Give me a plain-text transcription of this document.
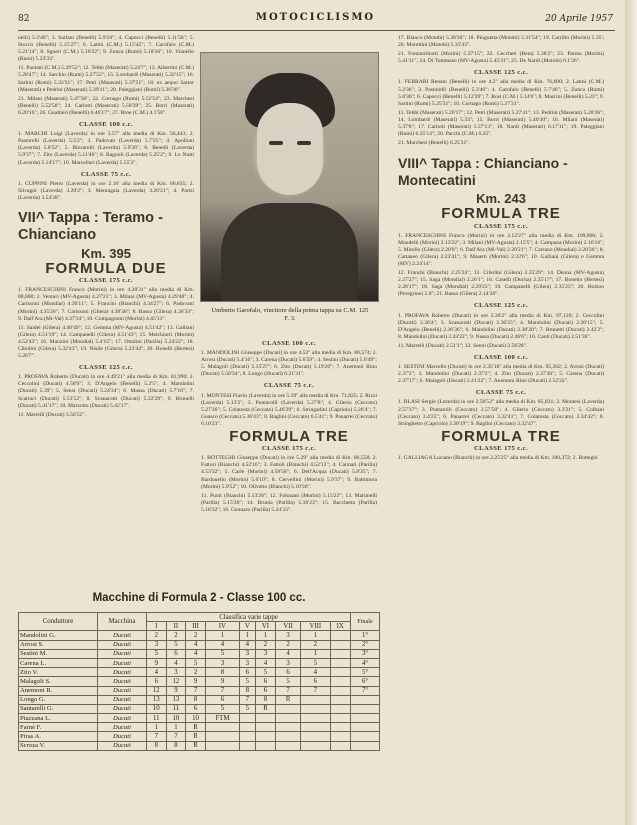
82	MOTOCICLISMO	20 Aprile 1957

nelli) 5.3'46"; 3. Sarlani (Benelli) 5.9'16"; 4. Capocci (Benelli) 5.11'58"; 5. Stocco (Benelli) 5.15'27"; 6. Latini (C.M.) 5.15'45"; 7. Garofalo (C.M.) 5.21'14"; 8. Sgueri (C.M.) 5.16'22"; 9. Zonca (Rumi) 5.18'36"; 10. Vianello (Rumi) 5.23'33".

11. Paolani (C.M.) 5.29'52"; 12. Tebbi (Maserati) 5.24'7"; 13. Albertini (C.M.) 5.28'47"; 14. Sarchio (Rumi) 5.27'52"; 15. Lombardi (Maserati) 5.32'15"; 16. Sartini (Rumi) 5.33'31"; 17. Petri (Maserati) 5.37'51"; 18. ex aequo Sartor (Maserati) e Pedrini (Maserati) 5.39'11"; 20. Paleggiani (Rumi) 5.36'30".

21. Milani (Maserati) 5.47'36"; 22. Cornago (Rumi) 5.51'54"; 23. Marchesi (Benelli) 5.52'58"; 24. Carlotti (Maserati) 5.58'39"; 25. Borri (Maserati) 6.20'16"; 26. Gualtieri (Benelli) 6.46'17"; 27. Broe (C.M.) 4.1'56".

CLASSE 100 c.c.

1. MARCHI Luigi (Laverda) in ore 3.57'' alla media di Km. 56,443; 2. Pastorelli (Laverda) 5.5'2"; 3. Padovan (Laverda) 5.7'25"; 4. Apolloni (Laverda) 5.8'52"; 5. Bizzarelli (Laverda) 5.9'36"; 6. Benelli (Laverda) 5.9'37"; 7. Zito (Laverda) 5.11'46"; 8. Bagnoli (Laverda) 5.25'2"; 9. Lo Nutti (Laverda) 5.14'17"; 10. Marcellari (Laverda) 5.55'3".

CLASSE 75 c.c.

1. CUPPINI Pietro (Laverda) in ore 2.16' alla media di Km. 60,835; 2. Silvagni (Laverda) 3.20'2"; 3. Menragaia (Laverda) 3.26'21"; 4. Parisi (Laverda) 3.54'28".

VII^ Tappa : Teramo - Chianciano
Km. 395
FORMULA DUE
CLASSE 175 c.c.

1. FRANCESCHINI Franco (Morini) in ore 4.28'31" alla media di Km. 88,800; 2. Venturi (MV-Agusta) 4.27'21"; 3. Milani (MV-Agusta) 4.29'48"; 4. Carissoni (Mondial) 4.30'11"; 5. Francini (Bianchi) 4.34'27"; 6. Padovani (Morini) 4.35'26"; 7. Carissoni (Gilera) 4.38'38"; 8. Basso (Gilera) 4.36'33"; 9. Dall'Ara (Mi-Val) 4.37'34"; 10. Compagnoni (Morini) 4.45'13".

11. Saidel (Gilera) 4.40'49"; 12. Gemma (MV-Agusta) 4.51'42"; 13. Galliani (Gilera) 4.51'19"; 14. Campanelli (Gilera) 4.51'43"; 15. Melchiorri (Morini) 4.52'43"; 16. Manzini (Mondial) 5.4'15"; 17. Ottolini (Parilla) 5.24'22"; 18. Cibolini (Gilera) 5.32'43"; 19. Nisile (Gilera) 5.22'44"; 20. Bonelli (Bertesi) 5.26'7".

CLASSE 125 c.c.

1. PROFAVA Roberto (Ducati) in ore 4.49'21" alla media di Km. 81,990; 2. Ceccolini (Ducati) 4.50'9"; 3. D'Angelo (Benelli) 5.2'5"; 4. Mandolini (Ducati) 5.39''; 5. Sensi (Ducati) 5.24'34"; 6. Massa (Ducati) 5.7'16"; 7. Scarinci (Ducati) 5.53'52"; 8. Scanarotti (Ducati) 5.32'29"; 9. Brunelli (Ducati) 5.41'17"; 10. Marzotto (Ducati) 5.42'17".

11. Marrelli (Ducati) 5.56'52".

Umberto Garofalo, vincitore della prima tappa su C.M. 125 F. 3.
CLASSE 100 c.c.

1. MANDOLINI Giuseppe (Ducati) in ore 4.52'' alla media di Km. 80,574; 2. Arrosi (Ducati) 5.4'16"; 3. Carena (Ducati) 5.6'59"; 4. Sestini (Ducati) 5.6'49"; 5. Malagoli (Ducati) 5.15'27"; 6. Zito (Ducati) 5.19'26"; 7. Anemoni Rino (Ducati) 5.50'34"; 8. Longo (Ducati) 6.21'31".

CLASSE 75 c.c.

1. MONTESI Flavio (Laverda) in ore 5.19'' alla media di Km. 71,825; 2. Rizzi (Laverda) 5.13'2"; 3. Pontarolli (Laverda) 5.27'8"; 4. Gilerio (Ceccato) 5.27'36"; 5. Colatosta (Ceccato) 5.46'29"; 6. Stringadini (Capriolo) 5.26'4"; 7. Guasco (Ceccato) 5.36'43"; 8. Baglini (Ceccato) 6.5'41"; 9. Panarrei (Ceccato) 6.10'23".

FORMULA TRE
CLASSE 175 c.c.

1. BOTTEGHI Giuseppe (Ducati) in ore 5.29'' alla media di Km. 86,558; 2. Fattori (Bianchi) 4.52'16"; 3. Fattoli (Bianchi) 4.52'12"; 4. Caimati (Parilla) 4.53'32"; 5. Carle (Morini) 4.58'58"; 6. Dell'Acqua (Ducati) 5.8'35"; 7. Bardonello (Morini) 5.6'10"; 8. Cervellini (Morini) 5.9'37"; 9. Baltimora (Morini) 5.9'52"; 10. Olivetto (Bianchi) 5.10'36".

11. Punti (Bianchi) 5.13'26"; 12. Folonani (Morini) 5.15'22"; 13. Martinelli (Parilla) 5.15'36"; 14. Brunia (Parilla) 5.16'23"; 15. Bacchetta (Parilla) 5.18'32"; 16. Gennaro (Parilla) 5.24'33".

17. Blanco (Motobi) 5.30'30"; 18. Pinguetta (Motobi) 5.31'54"; 19. Carrillo (Morini) 5.35'; 20. Morettini (Motobi) 5.35'43".

21. Fontanchiotti (Morini) 5.37'15"; 22. Ceccheti (Beta) 5.38'2"; 23. Parma (Morini) 5.41'11"; 24. Di Tommaso (MV-Agusta) 5.45'31"; 25. De Nardi (Motobi) 6.1'26".

CLASSE 125 c.c.

1. FERRARI Renato (Benelli) in ore 4.2'' alla media di Km. 76,600; 2. Latini (C.M.) 5.2'36"; 3. Pastorelli (Benelli) 5.3'46"; 4. Garofalo (Benelli) 5.7'46"; 5. Zonca (Rumi) 5.8'30"; 6. Capocci (Benelli) 5.12'29"; 7. Rosi (C.M.) 5.14'6"; 8. Marcini (Benelli) 5.23''; 9. Sartini (Rumi) 5.25'31"; 10. Cornago (Rumi) 5.27'31".

11. Tebbi (Maserati) 5.26'17"; 12. Petri (Maserati) 5.27'41"; 13. Pedrini (Maserati) 5.28'36"; 14. Lombardi (Maserati) 5.33''; 15. Borri (Maserati) 5.40'30"; 16. Milani (Maserati) 5.37'8"; 17. Carlotti (Maserati) 5.37'13"; 18. Nardi (Maserati) 6.17'11"; 19. Paleggiani (Rumi) 6.25'14"; 20. Pacchi (C.M.) 6.25''.

21. Marchesi (Benelli) 6.25'31".

VIII^ Tappa : Chianciano - Montecatini
Km. 243
FORMULA TRE
CLASSE 175 c.c.

1. FRANCESCHINI Franco (Morini) in ore 2.12'27" alla media di Km. 109,800; 2. Mondelli (Morini) 2.13'22"; 3. Milani (MV-Agusta) 2.15'5"; 4. Campana (Morini) 2.16'16"; 5. Mirello (Gilera) 2.20'8"; 6. Dall'Ara (Mi-Val) 2.20'21"; 7. Carrano (Mondial) 2.20'36"; 8. Cattaneo (Gilera) 2.23'41"; 9. Masetti (Morini) 2.33'6"; 10. Galliani (Gilera) e Gemma (MV) 2.24'14".

12. Franchi (Bianchi) 2.25'24"; 13. Cibolini (Gilera) 2.25'29"; 14. Denna (MV-Agusta) 2.27'27"; 15. Saga (Mondial) 2.26'1"; 16. Caselli (Ducha) 2.25'17"; 17. Bonetto (Bertesi) 2.28'17"; 18. Saga (Mondial) 2.29'22"; 19. Campanelli (Gilera) 2.35'25"; 20. Bolzon (Peregrine) 2.8''; 21. Basso (Gilera) 2.14'28".

CLASSE 125 c.c.

1. PROFAVA Roberto (Ducati) in ore 2.36'2" alla media di Km. 97,120; 2. Ceccolini (Ducati) 2.36'4"; 3. Scanarotti (Ducati) 2.36'25"; 4. Mandolini (Ducati) 2.36'15"; 5. D'Angelo (Benelli) 2.36'36"; 6. Mandolini (Ducati) 2.38'20"; 7. Brunetti (Ducati) 2.42'2"; 8. Mandolini (Ducati) 2.43'22"; 9. Nassa (Ducati) 2.46'6"; 10. Canti (Ducati) 2.51'38".

11. Marrelli (Ducati) 2.51'1"; 12. Senni (Ducati) 2.56'28".

CLASSE 100 c.c.

1. SESTINI Marcello (Ducati) in ore 2.35'18" alla media di Km. 95,262; 2. Arrosi (Ducati) 2.37'2"; 3. Mandolini (Ducati) 2.37'2"; 4. Zito (Ducati) 2.37'30"; 5. Carena (Ducati) 2.37'17"; 6. Malagoli (Ducati) 2.41'22"; 7. Anemoni Rino (Ducati) 2.52'22".

CLASSE 75 c.c.

1. BLASI Sergio (Laverda) in ore 2.56'52" alla media di Km. 85,831; 2. Montesi (Laverda) 2.57'37"; 3. Pontarolli (Ceccato) 2.57'50"; 4. Gilerio (Ceccato) 3.3'21"; 5. Colbani (Ceccato) 3.4'25"; 6. Panarrei (Ceccato) 3.32'41"; 7. Colatosta (Ceccato) 3.34'42"; 8. Stringhetto (Capriolo) 3.30'19"; 9. Baglini (Ceccato) 3.32'47".

FORMULA TRE
CLASSE 175 c.c.

1. GALLIAGA Luciano (Bianchi) in ore 2.25'25" alla media di Km. 100,372; 2. Botteghi

Macchine di Formula 2 - Classe 100 cc.
Conduttore	Macchina	Classifica varie tappe									Finale
		I	II	III	IV	V	VI	VII	VIII	IX	
Mandolini G.	Ducati	2	2	2	1	1	1	3	1		1°
Arrosi S.	Ducati	3	5	4	4	4	2	2	2		2°
Sestini M.	Ducati	5	6	4	5	3	3	4	1		3°
Carena L.	Ducati	9	4	5	3	3	4	3	5		4°
Zito V.	Ducati	4	3	2	8	6	5	6	4		5°
Malagoli S.	Ducati	6	12	9	9	5	6	5	6		6°
Anemoni R.	Ducati	12	9	7	7	8	6	7	7		7°
Longo G.	Ducati	13	13	8	6	7	8	R			
Santarelli G.	Ducati	10	11	6	5	5	R				
Piazzana L.	Ducati	11	10	10	FTM						
Farnè F.	Ducati	1	1	R							
Piras A.	Ducati	7	7	R							
Scroza V.	Ducati	8	8	R							
